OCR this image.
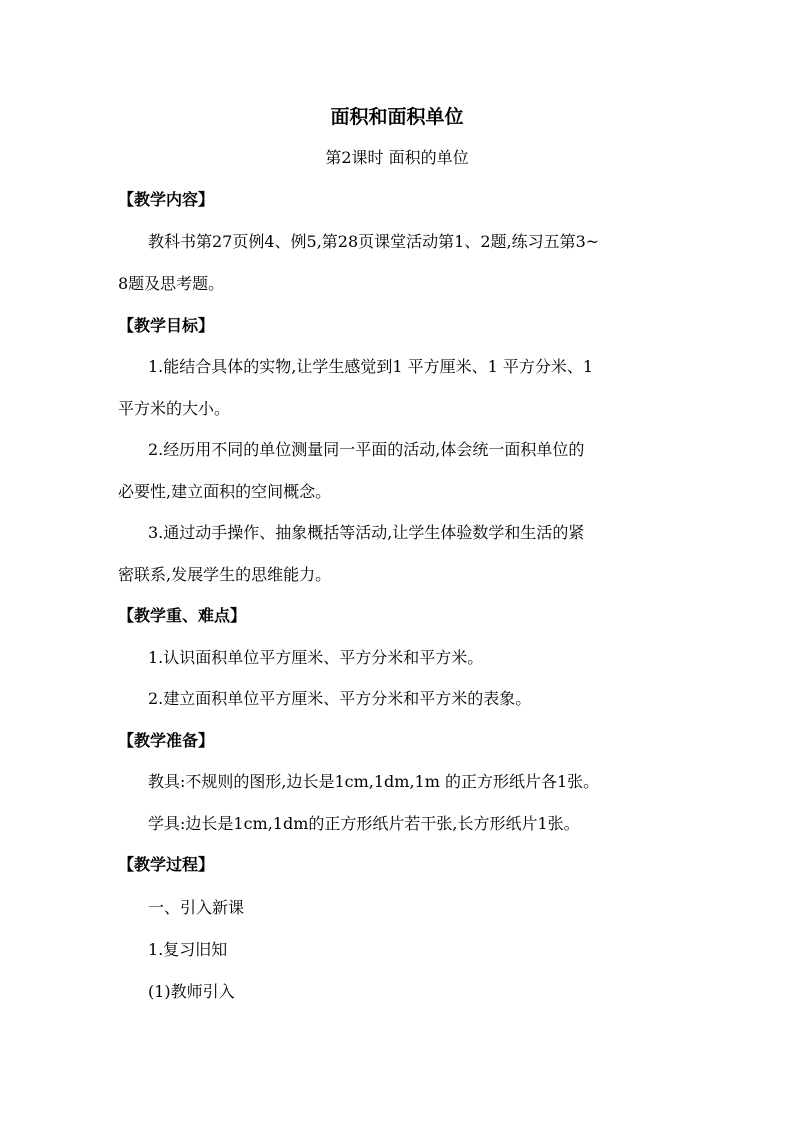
面积和面积单位
第2课时 面积的单位
【教学内容】
教科书第27页例4、例5,第28页课堂活动第1、2题,练习五第3~
8题及思考题。
【教学目标】
1.能结合具体的实物,让学生感觉到1 平方厘米、1 平方分米、1
平方米的大小。
2.经历用不同的单位测量同一平面的活动,体会统一面积单位的
必要性,建立面积的空间概念。
3.通过动手操作、抽象概括等活动,让学生体验数学和生活的紧
密联系,发展学生的思维能力。
【教学重、难点】
1.认识面积单位平方厘米、平方分米和平方米。
2.建立面积单位平方厘米、平方分米和平方米的表象。
【教学准备】
教具:不规则的图形,边长是1cm,1dm,1m 的正方形纸片各1张。
学具:边长是1cm,1dm的正方形纸片若干张,长方形纸片1张。
【教学过程】
一、引入新课
1.复习旧知
(1)教师引入
